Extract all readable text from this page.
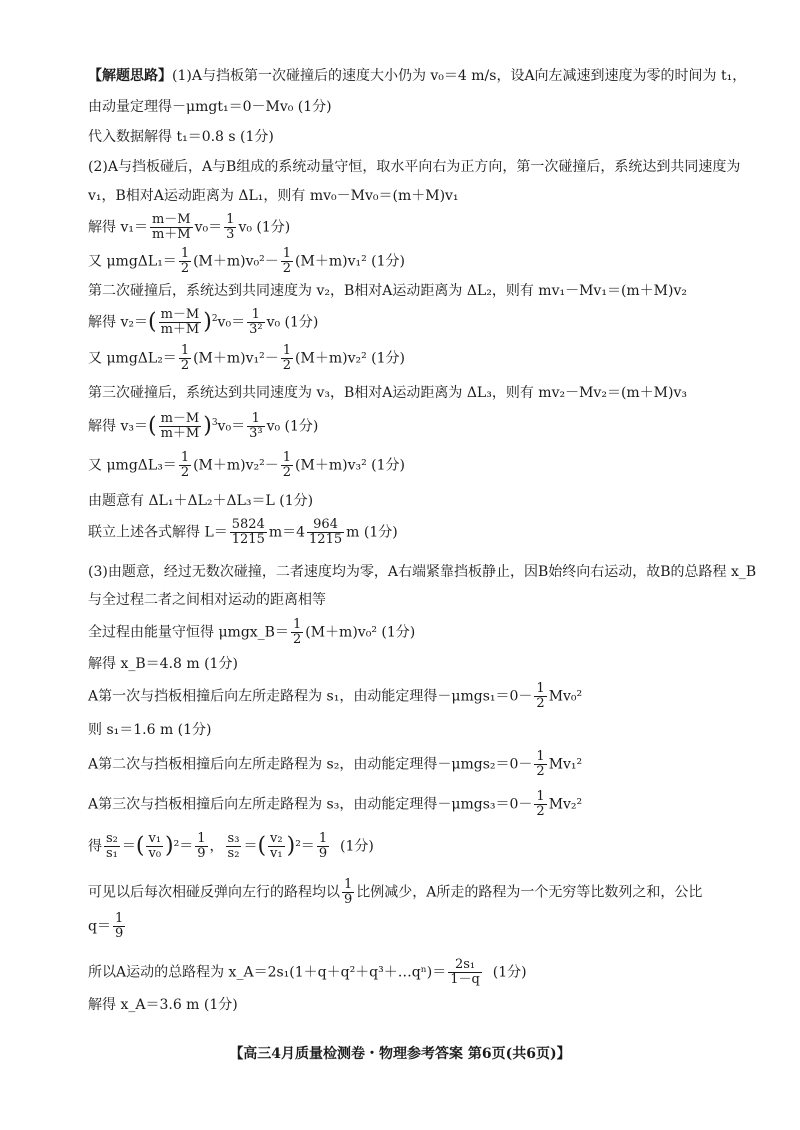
【解题思路】(1)A与挡板第一次碰撞后的速度大小仍为 v₀＝4 m/s，设A向左减速到速度为零的时间为 t₁，
由动量定理得－μmgt₁＝0－Mv₀ (1分)
代入数据解得 t₁＝0.8 s (1分)
(2)A与挡板碰后，A与B组成的系统动量守恒，取水平向右为正方向，第一次碰撞后，系统达到共同速度为
v₁，B相对A运动距离为 ΔL₁，则有 mv₀－Mv₀＝(m＋M)v₁
解得 $v_1= \frac{m-M}{m+M} v_0= \frac{1}{3} v_0$ (1分)
又 $\mu mg\Delta L_1= \frac{1}{2} (M+m)v_0^2- \frac{1}{2} (M+m)v_1^2$ (1分)
第二次碰撞后，系统达到共同速度为 v₂，B相对A运动距离为 ΔL₂，则有 mv₁－Mv₁＝(m＋M)v₂
解得 $v_2=( \frac{m-M}{m+M} )^2v_0= \frac{1}{\text{3²}} v_0$ (1分)
又 $\mu mg\Delta L_2= \frac{1}{2} (M+m)v_1^2- \frac{1}{2} (M+m)v_2^2$ (1分)
第三次碰撞后，系统达到共同速度为 v₃，B相对A运动距离为 ΔL₃，则有 mv₂－Mv₂＝(m＋M)v₃
解得 $v_3=( \frac{m-M}{m+M} )^3v_0= \frac{1}{\text{3³}} v_0$ (1分)
又 $\mu mg\Delta L_3= \frac{1}{2} (M+m)v_2^2- \frac{1}{2} (M+m)v_3^2$ (1分)
由题意有 ΔL₁＋ΔL₂＋ΔL₃＝L (1分)
联立上述各式解得 $L= \frac{5824}{1215} m=4 \frac{964}{1215}$ m (1分)
(3)由题意，经过无数次碰撞，二者速度均为零，A右端紧靠挡板静止，因B始终向右运动，故B的总路程 x_B
与全过程二者之间相对运动的距离相等
全过程由能量守恒得 μmgx_B＝ $\frac{1}{2} (M+m)v_0^2$ (1分)
解得 x_B＝4.8 m (1分)
A第一次与挡板相撞后向左所走路程为 s₁，由动能定理得$-\mu mgs_1=0- \frac{1}{2} Mv_0^2$
则 s₁＝1.6 m (1分)
A第二次与挡板相撞后向左所走路程为 s₂，由动能定理得$-\mu mgs_2=0- \frac{1}{2} Mv_1^2$
A第三次与挡板相撞后向左所走路程为 s₃，由动能定理得$-\mu mgs_3=0- \frac{1}{2} Mv_2^2$
得 $\frac{\text{s₂}}{\text{s₁}}$ ＝( $\frac{\text{v₁}}{\text{v₀}} )^2= \frac{1}{9}$ ， $\frac{\text{s₃}}{\text{s₂}}$ ＝( $\frac{\text{v₂}}{\text{v₁}} )^2= \frac{1}{9} (1$分)
可见以后每次相碰反弹向左行的路程均以 $\frac{1}{9}$ 比例减少，A所走的路程为一个无穷等比数列之和，公比
$q= \frac{1}{9}$
所以A运动的总路程为 x_A＝2s₁(1＋q＋q²＋q³＋…qⁿ)＝ $\frac{\text{2s₁}}{1-q} (1$分)
解得 x_A＝3.6 m (1分)
【高三4月质量检测卷・物理参考答案 第6页(共6页)】
